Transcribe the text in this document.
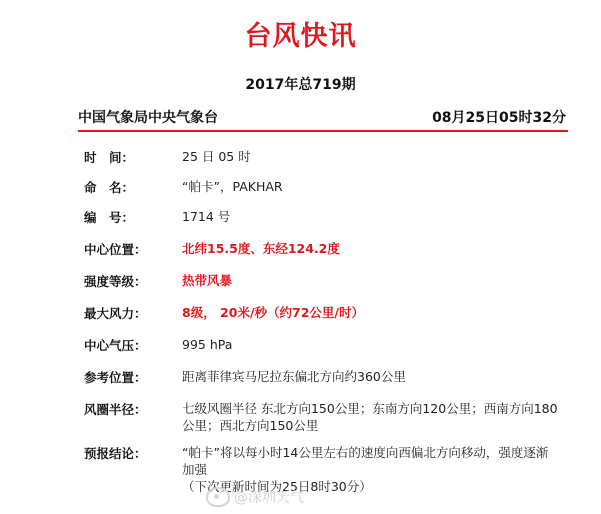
台风快讯
2017年总719期
中国气象局中央气象台	08月25日05时32分
时　间：	25 日 05 时
命　名：	“帕卡”，PAKHAR
编　号：	1714 号
中心位置：	北纬15.5度、东经124.2度
强度等级：	热带风暴
最大风力：	8级， 20米/秒（约72公里/时）
中心气压：	995 hPa
参考位置：	距离菲律宾马尼拉东偏北方向约360公里
风圈半径：	七级风圈半径 东北方向150公里；东南方向120公里；西南方向180公里；西北方向150公里
预报结论：	“帕卡”将以每小时14公里左右的速度向西偏北方向移动，强度逐渐加强
（下次更新时间为25日8时30分）
@深圳天气
